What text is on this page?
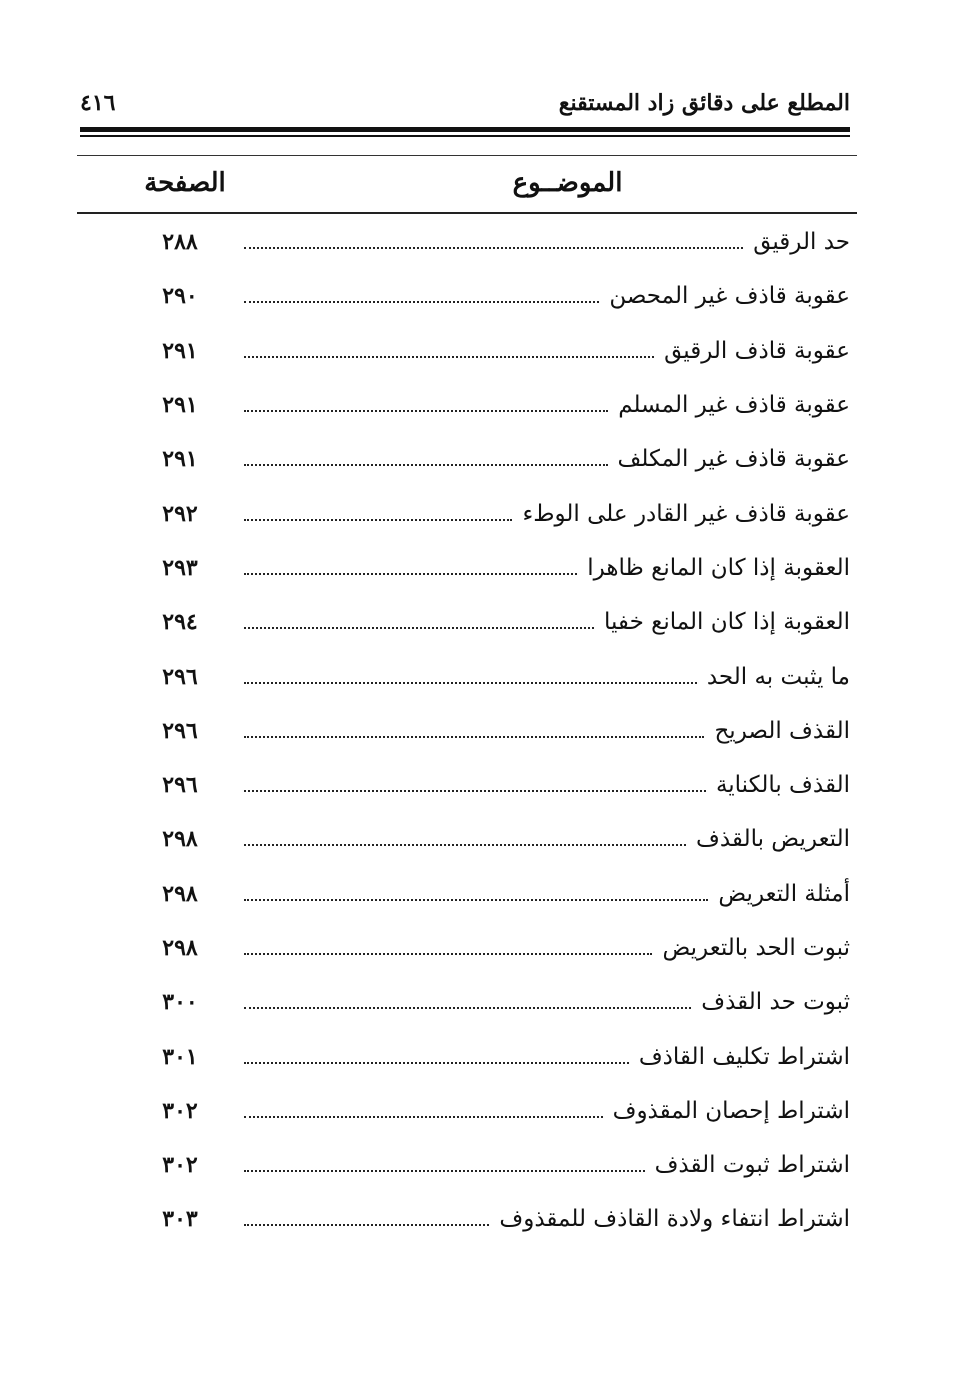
المطلع على دقائق زاد المستقنع
٤١٦
الموضــوع
الصفحة
حد الرقيق
٢٨٨
عقوبة قاذف غير المحصن
٢٩٠
عقوبة قاذف الرقيق
٢٩١
عقوبة قاذف غير المسلم
٢٩١
عقوبة قاذف غير المكلف
٢٩١
عقوبة قاذف غير القادر على الوطء
٢٩٢
العقوبة إذا كان المانع ظاهرا
٢٩٣
العقوبة إذا كان المانع خفيا
٢٩٤
ما يثبت به الحد
٢٩٦
القذف الصريح
٢٩٦
القذف بالكناية
٢٩٦
التعريض بالقذف
٢٩٨
أمثلة التعريض
٢٩٨
ثبوت الحد بالتعريض
٢٩٨
ثبوت حد القذف
٣٠٠
اشتراط تكليف القاذف
٣٠١
اشتراط إحصان المقذوف
٣٠٢
اشتراط ثبوت القذف
٣٠٢
اشتراط انتفاء ولادة القاذف للمقذوف
٣٠٣
